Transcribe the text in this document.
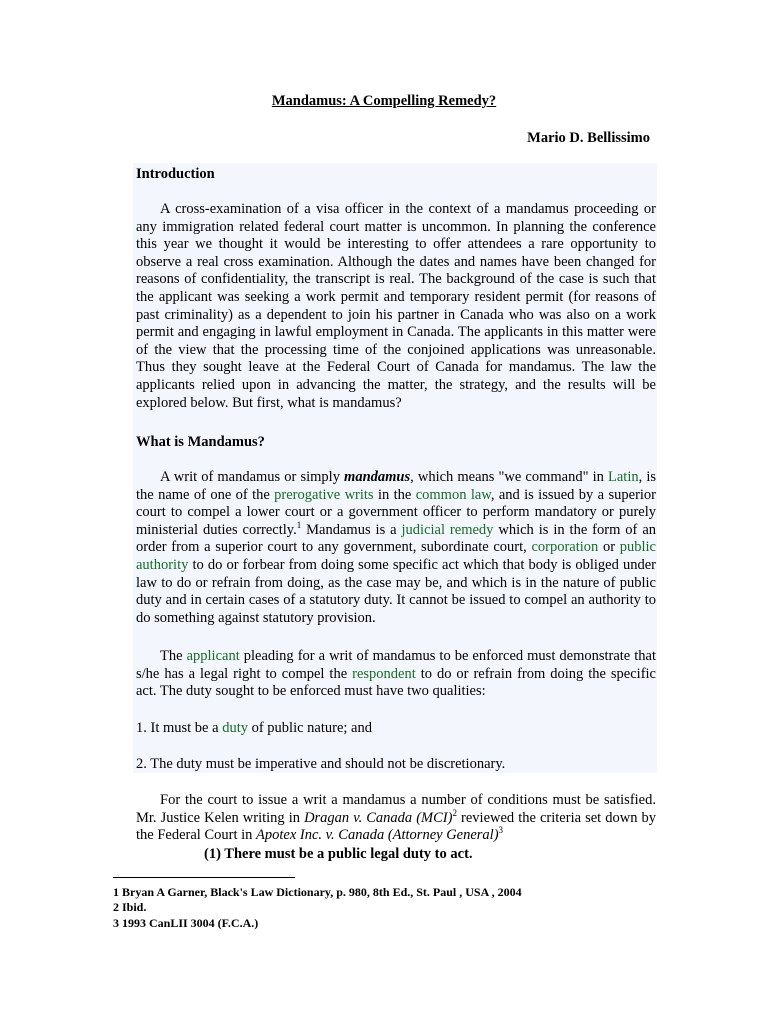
Mandamus: A Compelling Remedy?
Mario D. Bellissimo
Introduction
A cross-examination of a visa officer in the context of a mandamus proceeding or any immigration related federal court matter is uncommon. In planning the conference this year we thought it would be interesting to offer attendees a rare opportunity to observe a real cross examination. Although the dates and names have been changed for reasons of confidentiality, the transcript is real. The background of the case is such that the applicant was seeking a work permit and temporary resident permit (for reasons of past criminality) as a dependent to join his partner in Canada who was also on a work permit and engaging in lawful employment in Canada. The applicants in this matter were of the view that the processing time of the conjoined applications was unreasonable. Thus they sought leave at the Federal Court of Canada for mandamus. The law the applicants relied upon in advancing the matter, the strategy, and the results will be explored below. But first, what is mandamus?
What is Mandamus?
A writ of mandamus or simply mandamus, which means "we command" in Latin, is the name of one of the prerogative writs in the common law, and is issued by a superior court to compel a lower court or a government officer to perform mandatory or purely ministerial duties correctly.$^1$ Mandamus is a judicial remedy which is in the form of an order from a superior court to any government, subordinate court, corporation or public authority to do or forbear from doing some specific act which that body is obliged under law to do or refrain from doing, as the case may be, and which is in the nature of public duty and in certain cases of a statutory duty. It cannot be issued to compel an authority to do something against statutory provision.
The applicant pleading for a writ of mandamus to be enforced must demonstrate that s/he has a legal right to compel the respondent to do or refrain from doing the specific act. The duty sought to be enforced must have two qualities:
1. It must be a duty of public nature; and
2. The duty must be imperative and should not be discretionary.
For the court to issue a writ a mandamus a number of conditions must be satisfied. Mr. Justice Kelen writing in Dragan v. Canada (MCI)$^2$ reviewed the criteria set down by the Federal Court in Apotex Inc. v. Canada (Attorney General)$^3$
(1) There must be a public legal duty to act.
1 Bryan A Garner, Black's Law Dictionary, p. 980, 8th Ed., St. Paul , USA , 2004
2 Ibid.
3 1993 CanLII 3004 (F.C.A.)
